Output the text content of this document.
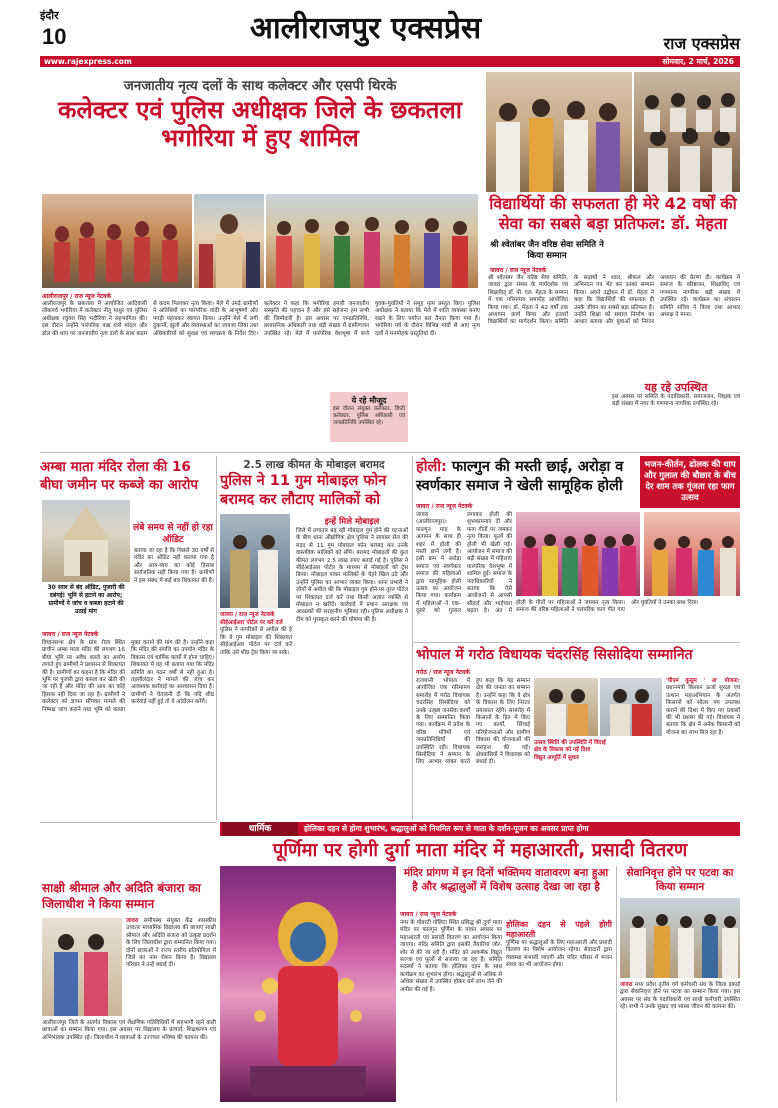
इंदौर
10	आलीराजपुर एक्सप्रेस	राज एक्सप्रेस
www.rajexpress.com	सोमवार, 2 मार्च, 2026
जनजातीय नृत्य दलों के साथ कलेक्टर और एसपी थिरके
कलेक्टर एवं पुलिस अधीक्षक जिले के छकतला भगोरिया में हुए शामिल
आलीराजपुर / राज न्यूज नेटवर्क
आलीराजपुर के छकतला में आयोजित आदिवासी लोकपर्व भगोरिया में कलेक्टर नीतू माथुर एवं पुलिस अधीक्षक रघुवंश सिंह भदौरिया ने सहभागिता की। इस दौरान उन्होंने पारंपरिक वाद्य यंत्रों मांदल और ढोल की थाप पर जनजातीय नृत्य दलों के साथ कदम से कदम मिलाकर नृत्य किया। मेले में उमड़े ग्रामीणों ने अतिथियों का पारंपरिक चांदी के आभूषणों और पगड़ी पहनाकर स्वागत किया। उन्होंने मेले में लगी दुकानों, झूलों और व्यवस्थाओं का जायजा लिया तथा अधिकारियों को सुरक्षा एवं स्वच्छता के निर्देश दिए। कलेक्टर ने कहा कि भगोरिया हमारी जनजातीय संस्कृति की पहचान है और इसे सहेजना हम सभी की जिम्मेदारी है। इस अवसर पर जनप्रतिनिधि, प्रशासनिक अधिकारी तथा बड़ी संख्या में ग्रामीणजन उपस्थित रहे। मेले में पारंपरिक वेशभूषा में सजे युवक-युवतियों ने समूह नृत्य प्रस्तुत किए। पुलिस अधीक्षक ने बताया कि मेले में शांति व्यवस्था बनाए रखने के लिए पर्याप्त बल तैनात किया गया है। भगोरिया पर्व के दौरान विभिन्न गांवों से आए नृत्य दलों ने मनमोहक प्रस्तुतियां दीं।
ये रहे मौजूद
इस दौरान संयुक्त कलेक्टर, डिप्टी कलेक्टर, पुलिस अधिकारी एवं जनप्रतिनिधि उपस्थित रहे।
विद्यार्थियों की सफलता ही मेरे 42 वर्षों की सेवा का सबसे बड़ा प्रतिफल: डॉ. मेहता
श्री श्वेतांबर जैन वरिष्ठ सेवा समिति ने किया सम्मान
जावरा / राज न्यूज नेटवर्क
श्री श्वेतांबर जैन वरिष्ठ सेवा समिति, जावरा द्वारा संस्था के मार्गदर्शक एवं शिक्षाविद् डॉ. पी. एल. मेहता के सम्मान में एक गरिमामय समारोह आयोजित किया गया। डॉ. मेहता ने 42 वर्षों तक अध्यापन कार्य किया और हजारों विद्यार्थियों का मार्गदर्शन किया। समिति के सदस्यों ने शाल, श्रीफल और अभिनंदन पत्र भेंट कर उनका सम्मान किया। अपने उद्बोधन में डॉ. मेहता ने कहा कि विद्यार्थियों की सफलता ही उनके जीवन का सबसे बड़ा प्रतिफल है। उन्होंने शिक्षा को समाज निर्माण का आधार बताया और युवाओं को निरंतर अध्ययन की प्रेरणा दी। कार्यक्रम में समाज के वरिष्ठजन, शिक्षाविद् एवं गणमान्य नागरिक बड़ी संख्या में उपस्थित रहे। कार्यक्रम का संचालन समिति सचिव ने किया तथा आभार अध्यक्ष ने माना।
यह रहे उपस्थित
इस अवसर पर समिति के पदाधिकारी, समाजजन, शिक्षक एवं बड़ी संख्या में नगर के गणमान्य नागरिक उपस्थित रहे।
अम्बा माता मंदिर रोला की 16 बीघा जमीन पर कब्जे का आरोप
30 साल से बंद ऑडिट, पुजारी की दबंगई! भूमि से हटाने का आरोप; ग्रामीणों ने जांच व कब्जा हटाने की उठाई मांग
लंबे समय से नहीं हो रहा ऑडिट
बताया जा रहा है कि पिछले 30 वर्षों से मंदिर का ऑडिट नहीं कराया गया है और आय-व्यय का कोई हिसाब सार्वजनिक नहीं किया गया है। ग्रामीणों ने इस संबंध में कई बार शिकायत की है।
जावरा / राज न्यूज नेटवर्क
विधानसभा क्षेत्र के ग्राम रोला स्थित प्राचीन अम्बा माता मंदिर की लगभग 16 बीघा भूमि पर अवैध कब्जे का आरोप लगाते हुए ग्रामीणों ने प्रशासन से शिकायत की है। ग्रामीणों का कहना है कि मंदिर की भूमि पर पुजारी द्वारा कब्जा कर खेती की जा रही है और मंदिर की आय का कोई हिसाब नहीं दिया जा रहा है। ग्रामीणों ने कलेक्टर को ज्ञापन सौंपकर मामले की निष्पक्ष जांच कराने तथा भूमि को कब्जा मुक्त कराने की मांग की है। उन्होंने कहा कि मंदिर की संपत्ति का उपयोग मंदिर के विकास एवं धार्मिक कार्यों में होना चाहिए। शिकायत में यह भी बताया गया कि मंदिर समिति का गठन वर्षों से नहीं हुआ है। तहसीलदार ने मामले की जांच कर आवश्यक कार्रवाई का आश्वासन दिया है। ग्रामीणों ने चेतावनी दी कि यदि शीघ्र कार्रवाई नहीं हुई तो वे आंदोलन करेंगे।
2.5 लाख कीमत के मोबाइल बरामद
पुलिस ने 11 गुम मोबाइल फोन बरामद कर लौटाए मालिकों को
जावरा / राज न्यूज नेटवर्क
इन्हें मिले मोबाइल
जिले में लगातार बढ़ रही मोबाइल गुम होने की घटनाओं के बीच थाना औद्योगिक क्षेत्र पुलिस ने सायबर सेल की मदद से 11 गुम मोबाइल फोन बरामद कर उनके वास्तविक मालिकों को सौंपे। बरामद मोबाइलों की कुल कीमत लगभग 2.5 लाख रुपए बताई गई है। पुलिस ने सीईआईआर पोर्टल के माध्यम से मोबाइलों को ट्रेस किया। मोबाइल पाकर मालिकों के चेहरे खिल उठे और उन्होंने पुलिस का आभार व्यक्त किया। थाना प्रभारी ने लोगों से अपील की कि मोबाइल गुम होने पर तुरंत पोर्टल पर शिकायत दर्ज करें तथा किसी अज्ञात व्यक्ति से मोबाइल न खरीदें। कार्रवाई में प्रधान आरक्षक एवं आरक्षकों की सराहनीय भूमिका रही। पुलिस अधीक्षक ने टीम को पुरस्कृत करने की घोषणा की है।
सीईआईआर पोर्टल पर करें दर्ज
पुलिस ने नागरिकों से अपील की है कि वे गुम मोबाइल की शिकायत सीईआईआर पोर्टल पर दर्ज करें ताकि उसे शीघ्र ट्रेस किया जा सके।
होली: फाल्गुन की मस्ती छाई, अरोड़ा व स्वर्णकार समाज ने खेली सामूहिक होली
भजन-कीर्तन, ढोलक की थाप और गुलाल की बौछार के बीच देर शाम तक गूंजता रहा फाग उत्सव
जावरा / राज न्यूज नेटवर्क
जावरा (आलीराजपुर)। फाल्गुन माह के आगमन के साथ ही शहर में होली की मस्ती छाने लगी है। इसी क्रम में अरोड़ा समाज एवं स्वर्णकार समाज की महिलाओं द्वारा सामूहिक होली उत्सव का आयोजन किया गया। कार्यक्रम में महिलाओं ने एक-दूसरे को गुलाल लगाकर होली की शुभकामनाएं दीं और फाग गीतों पर जमकर नृत्य किया। फूलों की होली भी खेली गई। आयोजन में समाज की बड़ी संख्या में महिलाएं पारंपरिक वेशभूषा में शामिल हुईं। समाज के पदाधिकारियों ने बताया कि ऐसे आयोजनों से आपसी सौहार्द और भाईचारा बढ़ता है। अंत में
होली के गीतों पर महिलाओं ने जमकर नृत्य किया। समाज की वरिष्ठ महिलाओं ने पारंपरिक फाग गीत गाए और युवतियों ने उनका साथ दिया।
भोपाल में गरोठ विधायक चंदरसिंह सिसोदिया सम्मानित
गरोठ / राज न्यूज नेटवर्क
राजधानी भोपाल में आयोजित एक गरिमामय समारोह में गरोठ विधायक चंदरसिंह सिसोदिया को उनके उत्कृष्ट जनसेवा कार्यों के लिए सम्मानित किया गया। कार्यक्रम में प्रदेश के वरिष्ठ मंत्रियों एवं जनप्रतिनिधियों की उपस्थिति रही। विधायक सिसोदिया ने सम्मान के लिए आभार व्यक्त करते हुए कहा कि यह सम्मान क्षेत्र की जनता का सम्मान है। उन्होंने कहा कि वे क्षेत्र के विकास के लिए निरंतर प्रयासरत रहेंगे। समारोह में किसानों के हित में किए गए कार्यों, सिंचाई परियोजनाओं और ग्रामीण विकास की योजनाओं की सराहना की गई। क्षेत्रवासियों ने विधायक को बधाई दी।
उत्सव स्थिति की उपस्थिति में विदाई
क्षेत्र के विकास को नई दिशा
विद्युत आपूर्ति में सुधार
'पीएम कुसुम ' अ' योजना: प्रधानमंत्री किसान ऊर्जा सुरक्षा एवं उत्थान महाअभियान के अंतर्गत किसानों को सोलर पंप उपलब्ध कराने की दिशा में किए गए प्रयासों की भी प्रशंसा की गई। विधायक ने बताया कि क्षेत्र में अनेक किसानों को योजना का लाभ मिल रहा है।
धार्मिक	होलिका दहन से होगा शुभारंभ, श्रद्धालुओं को नियमित रूप से माता के दर्शन-पूजन का अवसर प्राप्त होगा
पूर्णिमा पर होगी दुर्गा माता मंदिर में महाआरती, प्रसादी वितरण
साक्षी श्रीमाल और अदिति बंजारा का जिलाधीश ने किया सम्मान
जावरा समीपस्थ संयुक्त केंद्र शासकीय उच्चतर माध्यमिक विद्यालय की छात्राएं साक्षी श्रीमाल और अदिति बंजारा को उत्कृष्ट प्रदर्शन के लिए जिलाधीश द्वारा सम्मानित किया गया। दोनों छात्राओं ने राज्य स्तरीय प्रतियोगिता में जिले का नाम रोशन किया है। विद्यालय परिवार ने उन्हें बधाई दी।
आलीराजपुर जिले के अंतर्गत विकास एवं शैक्षणिक गतिविधियों में सहभागी रहने वाली छात्राओं का सम्मान किया गया। इस अवसर पर विद्यालय के प्राचार्य, शिक्षकगण एवं अभिभावक उपस्थित रहे। जिलाधीश ने छात्राओं के उज्ज्वल भविष्य की कामना की।
मंदिर प्रांगण में इन दिनों भक्तिमय वातावरण बना हुआ है और श्रद्धालुओं में विशेष उत्साह देखा जा रहा है
जावरा / राज न्यूज नेटवर्क
नगर के पॉवरटी पॉलिटा स्थित प्रसिद्ध श्री दुर्गा माता मंदिर पर फाल्गुन पूर्णिमा के पावन अवसर पर महाआरती एवं प्रसादी वितरण का आयोजन किया जाएगा। मंदिर समिति द्वारा इसकी तैयारियां जोर-शोर से की जा रही हैं। मंदिर को आकर्षक विद्युत सज्जा एवं फूलों से सजाया जा रहा है। समिति सदस्यों ने बताया कि होलिका दहन के साथ कार्यक्रम का शुभारंभ होगा। श्रद्धालुओं से अधिक से अधिक संख्या में उपस्थित होकर धर्म लाभ लेने की अपील की गई है।
होलिका दहन से पहले होगी महाआरती
पूर्णिमा पर श्रद्धालुओं के लिए महाआरती और प्रसादी वितरण का विशेष आयोजन रहेगा। सेवादारों द्वारा व्यवस्था संभाली जाएगी और मंदिर परिसर में भजन संध्या का भी आयोजन होगा।
सेवानिवृत्त होने पर पटवा का किया सम्मान
जावरा मध्य प्रदेश तृतीय वर्ग कर्मचारी संघ के जिला इकाई द्वारा सेवानिवृत्त होने पर पटवा का सम्मान किया गया। इस अवसर पर संघ के पदाधिकारी एवं साथी कर्मचारी उपस्थित रहे। सभी ने उनके सुखद एवं स्वस्थ जीवन की कामना की।
